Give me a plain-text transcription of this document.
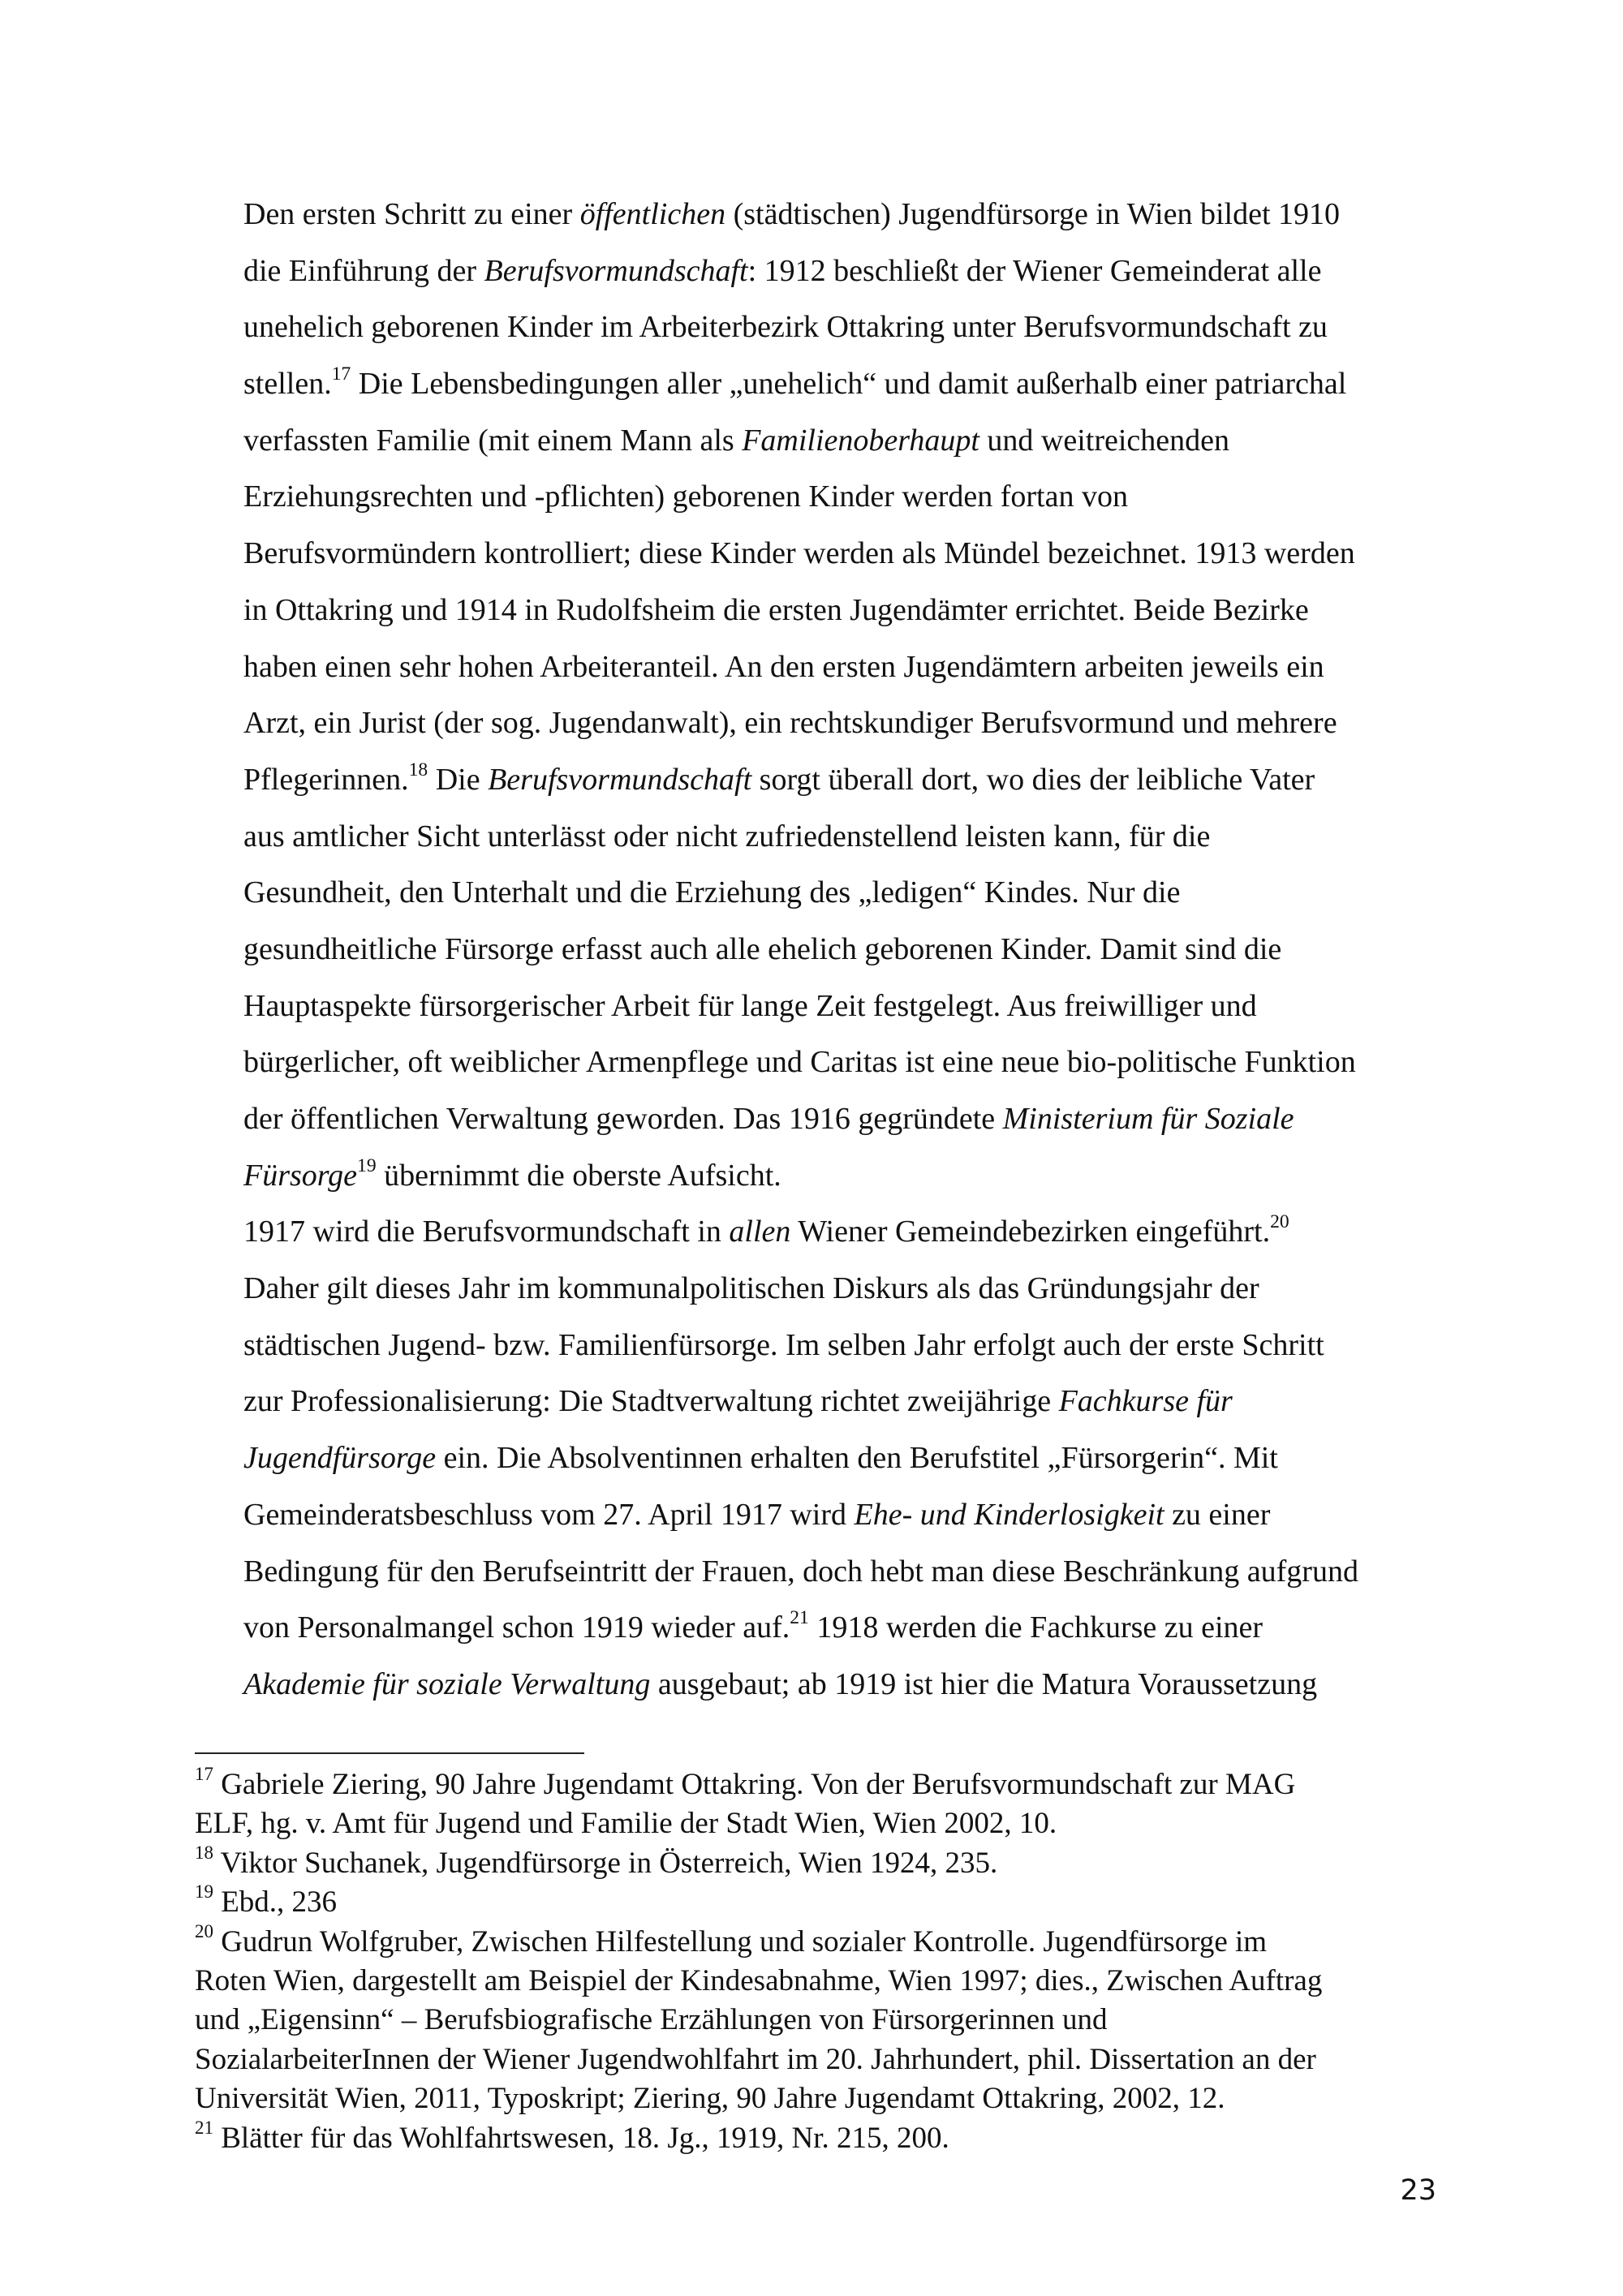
Den ersten Schritt zu einer öffentlichen (städtischen) Jugendfürsorge in Wien bildet 1910
die Einführung der Berufsvormundschaft: 1912 beschließt der Wiener Gemeinderat alle
unehelich geborenen Kinder im Arbeiterbezirk Ottakring unter Berufsvormundschaft zu
stellen.$^{17}$ Die Lebensbedingungen aller „unehelich“ und damit außerhalb einer patriarchal
verfassten Familie (mit einem Mann als Familienoberhaupt und weitreichenden
Erziehungsrechten und -pflichten) geborenen Kinder werden fortan von
Berufsvormündern kontrolliert; diese Kinder werden als Mündel bezeichnet. 1913 werden
in Ottakring und 1914 in Rudolfsheim die ersten Jugendämter errichtet. Beide Bezirke
haben einen sehr hohen Arbeiteranteil. An den ersten Jugendämtern arbeiten jeweils ein
Arzt, ein Jurist (der sog. Jugendanwalt), ein rechtskundiger Berufsvormund und mehrere
Pflegerinnen.$^{18}$ Die Berufsvormundschaft sorgt überall dort, wo dies der leibliche Vater
aus amtlicher Sicht unterlässt oder nicht zufriedenstellend leisten kann, für die
Gesundheit, den Unterhalt und die Erziehung des „ledigen“ Kindes. Nur die
gesundheitliche Fürsorge erfasst auch alle ehelich geborenen Kinder. Damit sind die
Hauptaspekte fürsorgerischer Arbeit für lange Zeit festgelegt. Aus freiwilliger und
bürgerlicher, oft weiblicher Armenpflege und Caritas ist eine neue bio-politische Funktion
der öffentlichen Verwaltung geworden. Das 1916 gegründete Ministerium für Soziale
Fürsorge$^{19}$ übernimmt die oberste Aufsicht.
1917 wird die Berufsvormundschaft in allen Wiener Gemeindebezirken eingeführt.$^{20}$
Daher gilt dieses Jahr im kommunalpolitischen Diskurs als das Gründungsjahr der
städtischen Jugend- bzw. Familienfürsorge. Im selben Jahr erfolgt auch der erste Schritt
zur Professionalisierung: Die Stadtverwaltung richtet zweijährige Fachkurse für
Jugendfürsorge ein. Die Absolventinnen erhalten den Berufstitel „Fürsorgerin“. Mit
Gemeinderatsbeschluss vom 27. April 1917 wird Ehe- und Kinderlosigkeit zu einer
Bedingung für den Berufseintritt der Frauen, doch hebt man diese Beschränkung aufgrund
von Personalmangel schon 1919 wieder auf.$^{21}$ 1918 werden die Fachkurse zu einer
Akademie für soziale Verwaltung ausgebaut; ab 1919 ist hier die Matura Voraussetzung
$^{17}$ Gabriele Ziering, 90 Jahre Jugendamt Ottakring. Von der Berufsvormundschaft zur MAG
ELF, hg. v. Amt für Jugend und Familie der Stadt Wien, Wien 2002, 10.
$^{18}$ Viktor Suchanek, Jugendfürsorge in Österreich, Wien 1924, 235.
$^{19}$ Ebd., 236
$^{20}$ Gudrun Wolfgruber, Zwischen Hilfestellung und sozialer Kontrolle. Jugendfürsorge im
Roten Wien, dargestellt am Beispiel der Kindesabnahme, Wien 1997; dies., Zwischen Auftrag
und „Eigensinn“ – Berufsbiografische Erzählungen von Fürsorgerinnen und
SozialarbeiterInnen der Wiener Jugendwohlfahrt im 20. Jahrhundert, phil. Dissertation an der
Universität Wien, 2011, Typoskript; Ziering, 90 Jahre Jugendamt Ottakring, 2002, 12.
$^{21}$ Blätter für das Wohlfahrtswesen, 18. Jg., 1919, Nr. 215, 200.
23
